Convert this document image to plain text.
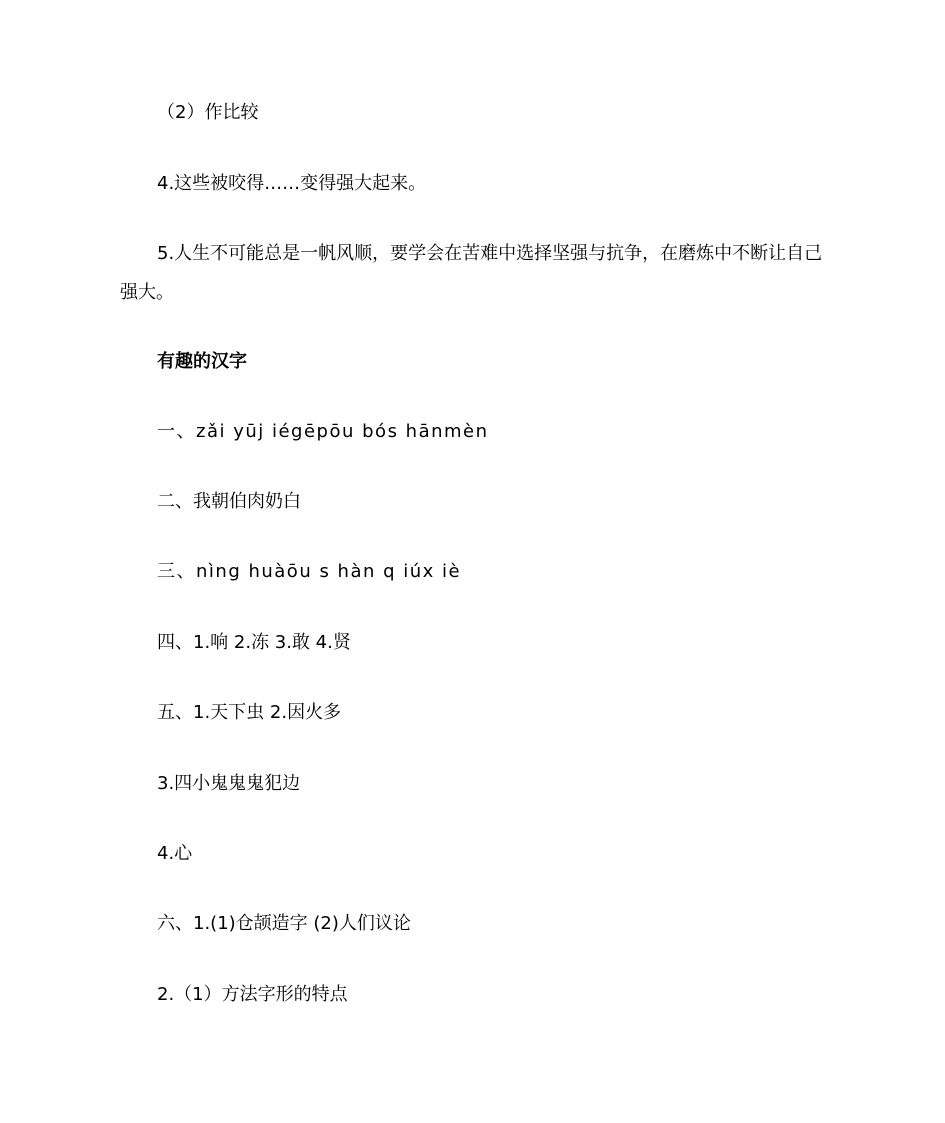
（2）作比较
4.这些被咬得……变得强大起来。
5.人生不可能总是一帆风顺，要学会在苦难中选择坚强与抗争，在磨炼中不断让自己
强大。
有趣的汉字
一、zǎi yūj iégēpōu bós hānmèn
二、我朝伯肉奶白
三、nìng huàōu s hàn q iúx iè
四、1.响 2.冻 3.敢 4.贤
五、1.天下虫 2.因火多
3.四小鬼鬼鬼犯边
4.心
六、1.(1)仓颉造字 (2)人们议论
2.（1）方法字形的特点
